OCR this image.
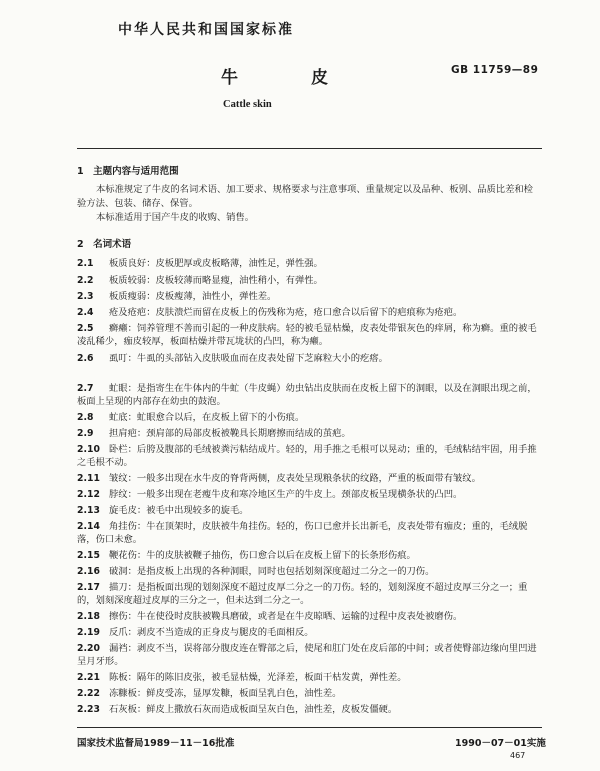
中华人民共和国国家标准
牛　皮	GB 11759—89
Cattle skin
1　主题内容与适用范围
本标准规定了牛皮的名词术语、加工要求、规格要求与注意事项、重量规定以及品种、板别、品质比差和检验方法、包装、储存、保管。
本标准适用于国产牛皮的收购、销售。
2　名词术语
2.1 板质良好：皮板肥厚或皮板略薄，油性足，弹性强。
2.2 板质较弱：皮板较薄而略显瘦，油性稍小，有弹性。
2.3 板质瘦弱：皮板瘦薄，油性小，弹性差。
2.4 疮及疮疤：皮肤溃烂而留在皮板上的伤残称为疮，疮口愈合以后留下的疤痕称为疮疤。
2.5 癣癞：饲养管理不善而引起的一种皮肤病。轻的被毛显枯燥，皮表处带银灰色的痒屑，称为癣。重的被毛凌乱稀少，痂皮较厚，板面枯燥并带瓦垅状的凸凹，称为癞。
2.6 虱叮：牛虱的头部钻入皮肤吸血而在皮表处留下芝麻粒大小的疙瘩。
2.7 虻眼：是指寄生在牛体内的牛虻（牛皮蝇）幼虫钻出皮肤而在皮板上留下的洞眼，以及在洞眼出现之前，板面上呈现的内部存在幼虫的鼓泡。
2.8 虻底：虻眼愈合以后，在皮板上留下的小伤痕。
2.9 担肩疤：颈肩部的局部皮板被鞔具长期磨擦而结成的茧疤。
2.10 卧栏：后胯及腹部的毛绒被粪污粘结成片。轻的，用手推之毛根可以晃动；重的，毛绒粘结牢固，用手推之毛根不动。
2.11 皱纹：一般多出现在水牛皮的脊背两侧，皮表处呈现粮条状的纹路，严重的板面带有皱纹。
2.12 脖纹：一般多出现在老瘦牛皮和寒冷地区生产的牛皮上。颈部皮板呈现横条状的凸凹。
2.13 旋毛皮：被毛中出现较多的旋毛。
2.14 角挂伤：牛在顶架时，皮肤被牛角挂伤。轻的，伤口已愈并长出新毛，皮表处带有痂皮；重的，毛绒脱落，伤口未愈。
2.15 鞭花伤：牛的皮肤被鞭子抽伤，伤口愈合以后在皮板上留下的长条形伤痕。
2.16 破洞：是指皮板上出现的各种洞眼，同时也包括划刻深度超过二分之一的刀伤。
2.17 描刀：是指板面出现的划刻深度不超过皮厚二分之一的刀伤。轻的，划刻深度不超过皮厚三分之一；重的，划刻深度超过皮厚的三分之一，但未达到二分之一。
2.18 擦伤：牛在使役时皮肤被鞔具磨破，或者是在牛皮晾晒、运输的过程中皮表处被磨伤。
2.19 反爪：剥皮不当造成的正身皮与腿皮的毛面相反。
2.20 漏裆：剥皮不当，误将部分腹皮连在臀部之后，使尾和肛门处在皮后部的中间；或者使臀部边缘向里凹进呈月牙形。
2.21 陈板：隔年的陈旧皮张，被毛显枯燥，光泽差，板面干枯发黄，弹性差。
2.22 冻糠板：鲜皮受冻，显厚发糠，板面呈乳白色，油性差。
2.23 石灰板：鲜皮上撒放石灰而造成板面呈灰白色，油性差，皮板发僵硬。
国家技术监督局1989－11－16批准	1990－07－01实施
467
